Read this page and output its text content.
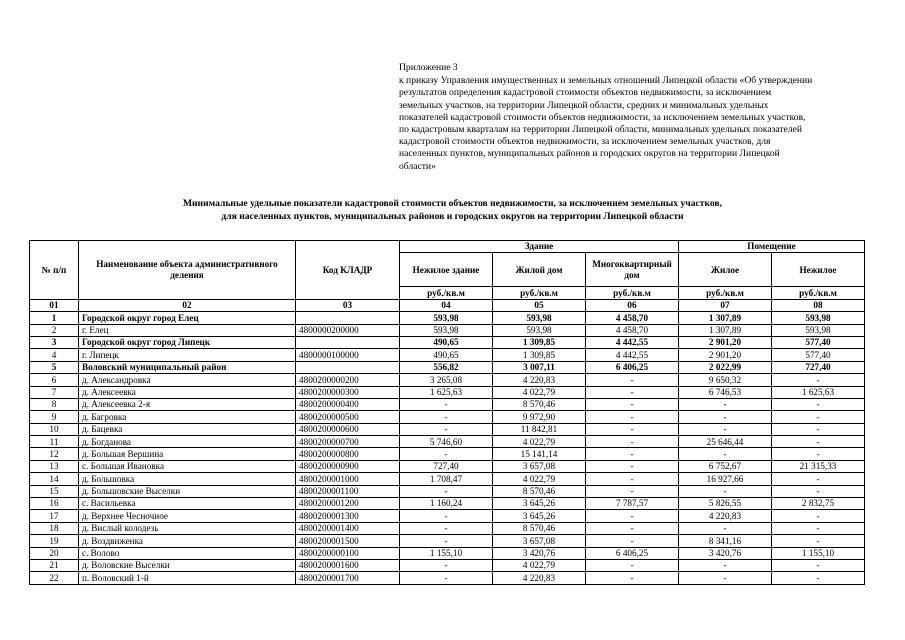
Приложение 3
к приказу Управления имущественных и земельных отношений Липецкой области «Об утверждении
результатов определения кадастровой стоимости объектов недвижимости, за исключением
земельных участков, на территории Липецкой области, средних и минимальных удельных
показателей кадастровой стоимости объектов недвижимости, за исключением земельных участков,
по кадастровым кварталам на территории Липецкой области, минимальных удельных показателей
кадастровой стоимости объектов недвижимости, за исключением земельных участков, для
населенных пунктов, муниципальных районов и городских округов на территории Липецкой
области»
Минимальные удельные показатели кадастровой стоимости объектов недвижимости, за исключением земельных участков,
для населенных пунктов, муниципальных районов и городских округов на территории Липецкой области
№ п/п	Наименование объекта административного деления	Код КЛАДР	Здание			Помещение	
			Нежилое здание	Жилой дом	Многоквартирный дом	Жилое	Нежилое
			руб./кв.м	руб./кв.м	руб./кв.м	руб./кв.м	руб./кв.м
01	02	03	04	05	06	07	08
1	Городской округ город Елец		593,98	593,98	4 458,70	1 307,89	593,98
2	г. Елец	4800000200000	593,98	593,98	4 458,70	1 307,89	593,98
3	Городской округ город Липецк		490,65	1 309,85	4 442,55	2 901,20	577,40
4	г. Липецк	4800000100000	490,65	1 309,85	4 442,55	2 901,20	577,40
5	Воловский муниципальный район		556,82	3 007,11	6 406,25	2 022,99	727,40
6	д. Александровка	4800200000200	3 265,08	4 220,83	-	9 650,32	-
7	д. Алексеевка	4800200000300	1 625,63	4 022,79	-	6 746,53	1 625,63
8	д. Алексеевка 2-я	4800200000400	-	8 570,46	-	-	-
9	д. Багровка	4800200000500	-	9 972,90	-	-	-
10	д. Бацевка	4800200000600	-	11 842,81	-	-	-
11	д. Богданова	4800200000700	5 746,60	4 022,79	-	25 646,44	-
12	д. Большая Вершина	4800200000800	-	15 141,14	-	-	-
13	с. Большая Ивановка	4800200000900	727,40	3 657,08	-	6 752,67	21 315,33
14	д. Большовка	4800200001000	1 708,47	4 022,79	-	16 927,66	-
15	д. Большовские Выселки	4800200001100	-	8 570,46	-	-	-
16	с. Васильевка	4800200001200	1 160,24	3 645,26	7 787,57	5 826,55	2 832,75
17	д. Верхнее Чесночное	4800200001300	-	3 645,26	-	4 220,83	-
18	д. Вислый колодезь	4800200001400	-	8 570,46	-	-	-
19	д. Воздвиженка	4800200001500	-	3 657,08	-	8 341,16	-
20	с. Волово	4800200000100	1 155,10	3 420,76	6 406,25	3 420,76	1 155,10
21	д. Воловские Выселки	4800200001600	-	4 022,79	-	-	-
22	п. Воловский 1-й	4800200001700	-	4 220,83	-	-	-
